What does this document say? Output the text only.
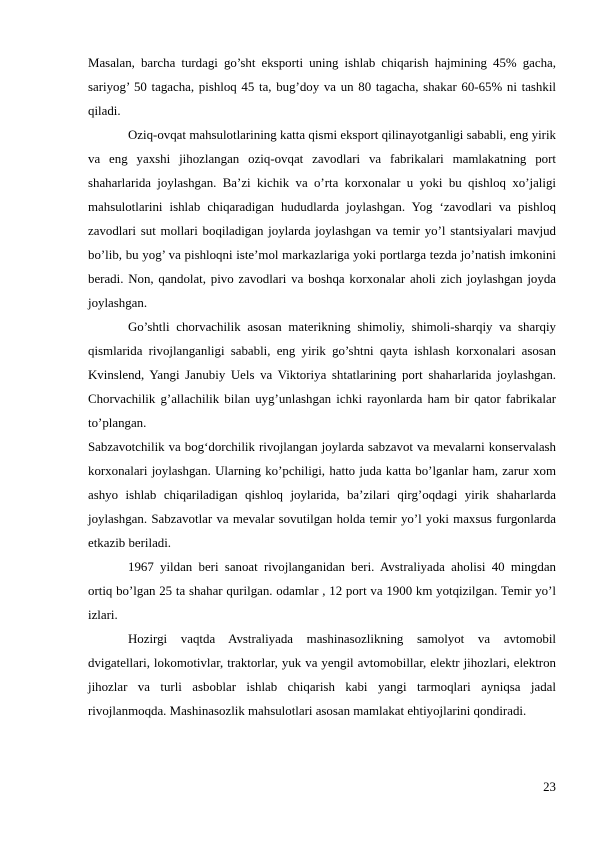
Masalan, barcha turdagi go’sht eksporti uning ishlab chiqarish hajmining 45% gacha, sariyog’ 50 tagacha, pishloq 45 ta, bug’doy va un 80 tagacha, shakar 60-65% ni tashkil qiladi.

Oziq-ovqat mahsulotlarining katta qismi eksport qilinayotganligi sababli, eng yirik va eng yaxshi jihozlangan oziq-ovqat zavodlari va fabrikalari mamlakatning port shaharlarida joylashgan. Ba’zi kichik va o’rta korxonalar u yoki bu qishloq xo’jaligi mahsulotlarini ishlab chiqaradigan hududlarda joylashgan. Yog ‘zavodlari va pishloq zavodlari sut mollari boqiladigan joylarda joylashgan va temir yo’l stantsiyalari mavjud bo’lib, bu yog’ va pishloqni iste’mol markazlariga yoki portlarga tezda jo’natish imkonini beradi. Non, qandolat, pivo zavodlari va boshqa korxonalar aholi zich joylashgan joyda joylashgan.

Go’shtli chorvachilik asosan materikning shimoliy, shimoli-sharqiy va sharqiy qismlarida rivojlanganligi sababli, eng yirik go’shtni qayta ishlash korxonalari asosan Kvinslend, Yangi Janubiy Uels va Viktoriya shtatlarining port shaharlarida joylashgan. Chorvachilik g’allachilik bilan uyg’unlashgan ichki rayonlarda ham bir qator fabrikalar to’plangan.

Sabzavotchilik va bog‘dorchilik rivojlangan joylarda sabzavot va mevalarni konservalash korxonalari joylashgan. Ularning ko’pchiligi, hatto juda katta bo’lganlar ham, zarur xom ashyo ishlab chiqariladigan qishloq joylarida, ba’zilari qirg’oqdagi yirik shaharlarda joylashgan. Sabzavotlar va mevalar sovutilgan holda temir yo’l yoki maxsus furgonlarda etkazib beriladi.

1967 yildan beri sanoat rivojlanganidan beri. Avstraliyada aholisi 40 mingdan ortiq bo’lgan 25 ta shahar qurilgan. odamlar , 12 port va 1900 km yotqizilgan. Temir yo’l izlari.

Hozirgi vaqtda Avstraliyada mashinasozlikning samolyot va avtomobil dvigatellari, lokomotivlar, traktorlar, yuk va yengil avtomobillar, elektr jihozlari, elektron jihozlar va turli asboblar ishlab chiqarish kabi yangi tarmoqlari ayniqsa jadal rivojlanmoqda. Mashinasozlik mahsulotlari asosan mamlakat ehtiyojlarini qondiradi.

23
